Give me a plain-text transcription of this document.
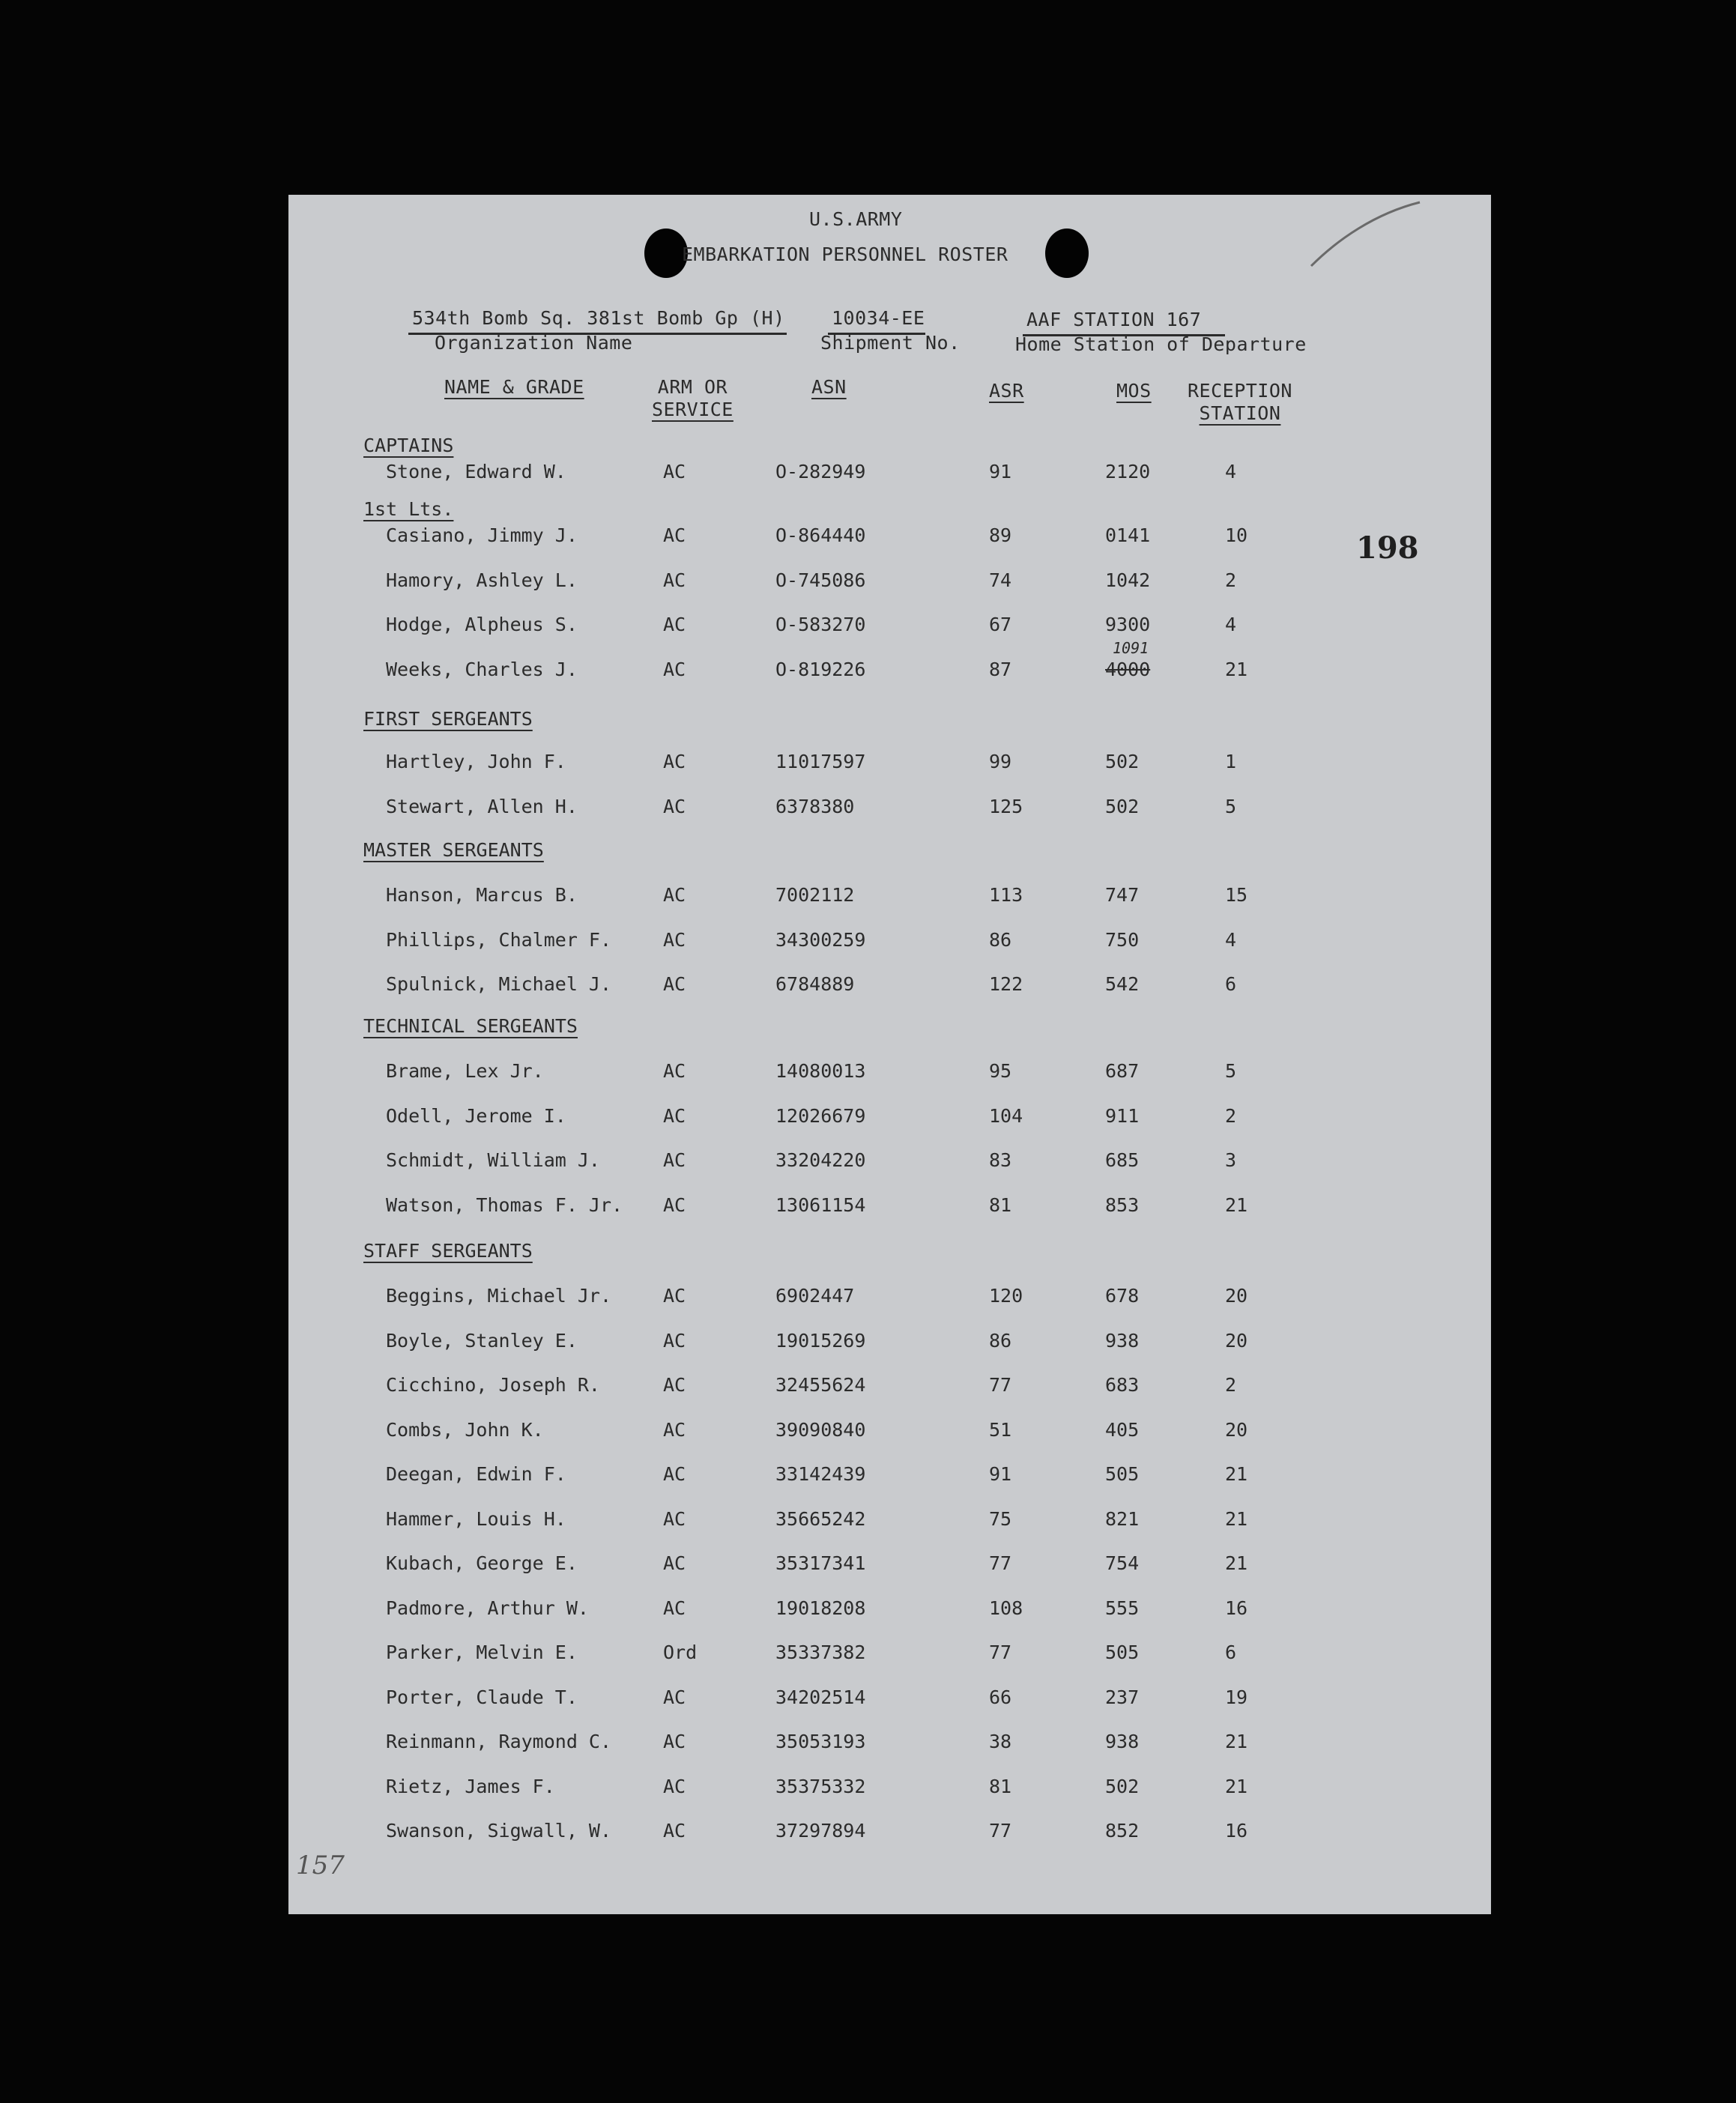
U.S.ARMY
EMBARKATION PERSONNEL ROSTER
534th Bomb Sq. 381st Bomb Gp (H)
Organization Name
10034-EE
Shipment No.
AAF STATION 167
Home Station of Departure
NAME & GRADE	ARM OR
SERVICE
ASN	ASR	MOS RECEPTION
STATION
CAPTAINS
Stone, Edward W.	AC	O-282949	91	2120	4
1st Lts.
Casiano, Jimmy J.	AC	O-864440	89	0141	10
Hamory, Ashley L.	AC	O-745086	74	1042	2
Hodge, Alpheus S.	AC	O-583270	67	9300	4
Weeks, Charles J.	AC	O-819226	87	4000	21
1091
FIRST SERGEANTS
Hartley, John F.	AC	11017597	99	502	1
Stewart, Allen H.	AC	6378380	125	502	5
MASTER SERGEANTS
Hanson, Marcus B.	AC	7002112	113	747	15
Phillips, Chalmer F.	AC	34300259	86	750	4
Spulnick, Michael J.	AC	6784889	122	542	6
TECHNICAL SERGEANTS
Brame, Lex Jr.	AC	14080013	95	687	5
Odell, Jerome I.	AC	12026679	104	911	2
Schmidt, William J.	AC	33204220	83	685	3
Watson, Thomas F. Jr. AC	13061154	81	853	21
STAFF SERGEANTS
Beggins, Michael Jr.	AC	6902447	120	678	20
Boyle, Stanley E.	AC	19015269	86	938	20
Cicchino, Joseph R.	AC	32455624	77	683	2
Combs, John K.	AC	39090840	51	405	20
Deegan, Edwin F.	AC	33142439	91	505	21
Hammer, Louis H.	AC	35665242	75	821	21
Kubach, George E.	AC	35317341	77	754	21
Padmore, Arthur W.	AC	19018208	108	555	16
Parker, Melvin E.	Ord	35337382	77	505	6
Porter, Claude T.	AC	34202514	66	237	19
Reinmann, Raymond C.	AC	35053193	38	938	21
Rietz, James F.	AC	35375332	81	502	21
Swanson, Sigwall, W.	AC	37297894	77	852	16
157
198
